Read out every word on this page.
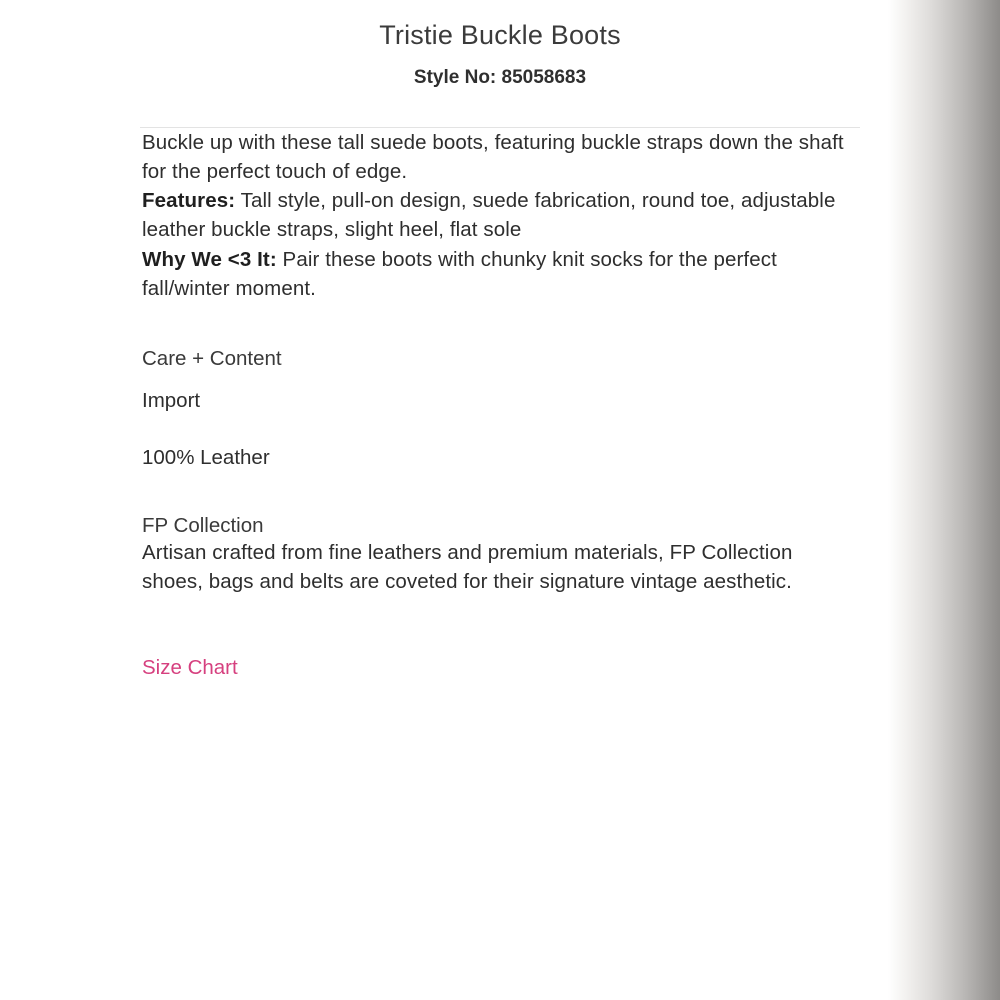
Tristie Buckle Boots
Style No: 85058683

Buckle up with these tall suede boots, featuring buckle straps down the shaft for the perfect touch of edge.

Features: Tall style, pull-on design, suede fabrication, round toe, adjustable leather buckle straps, slight heel, flat sole

Why We <3 It: Pair these boots with chunky knit socks for the perfect fall/winter moment.

Care + Content

Import

100% Leather

FP Collection

Artisan crafted from fine leathers and premium materials, FP Collection shoes, bags and belts are coveted for their signature vintage aesthetic.

Size Chart
